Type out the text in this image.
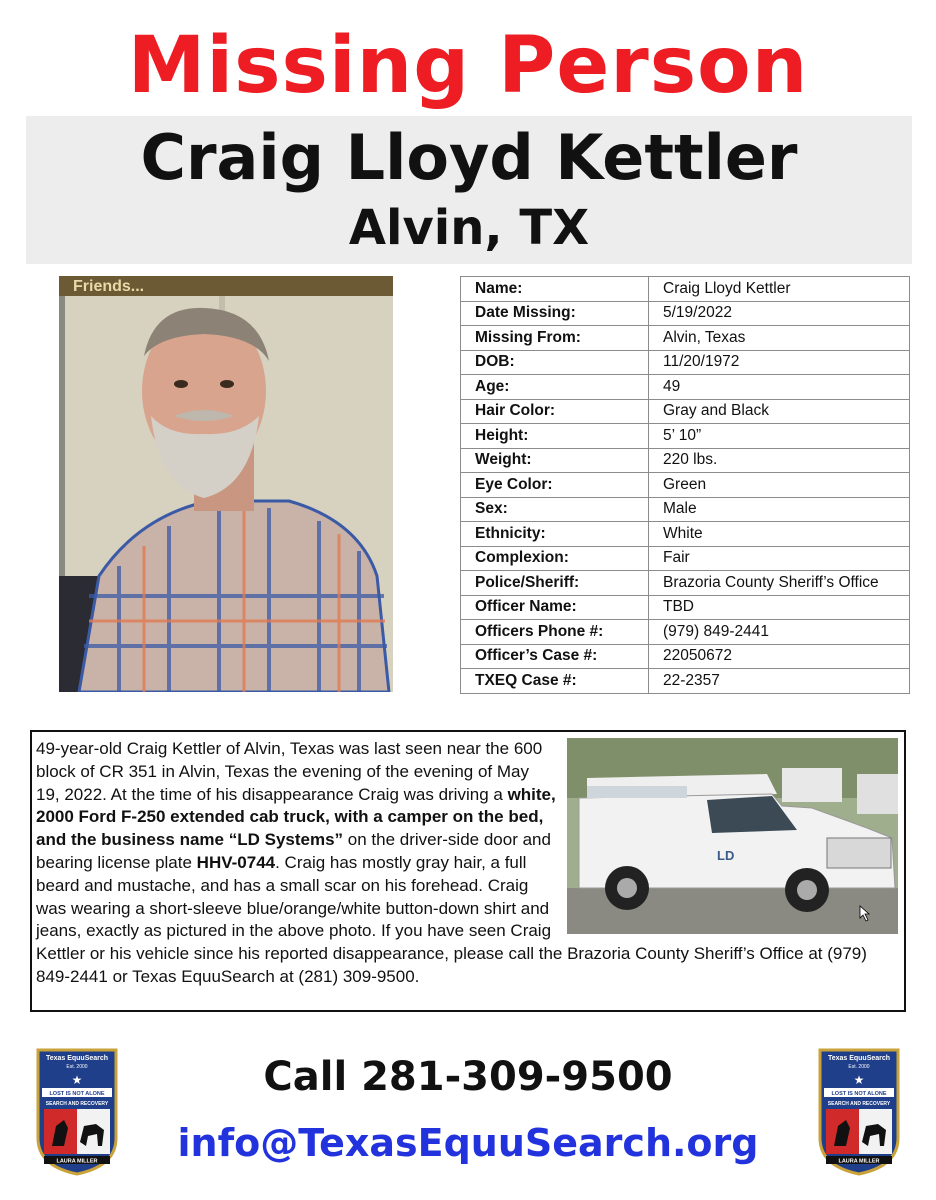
Missing Person
Craig Lloyd Kettler
Alvin, TX
Friends...	Name:	Craig Lloyd Kettler
Date Missing:	5/19/2022
Missing From:	Alvin, Texas
DOB:	11/20/1972
Age:	49
Hair Color:	Gray and Black
Height:	5’ 10”
Weight:	220 lbs.
Eye Color:	Green
Sex:	Male
Ethnicity:	White
Complexion:	Fair
Police/Sheriff:	Brazoria County Sheriff’s Office
Officer Name:	TBD
Officers Phone #:	(979) 849-2441
Officer’s Case #:	22050672
TXEQ Case #:	22-2357
LD
49-year-old Craig Kettler of Alvin, Texas was last seen near the 600 block of CR 351 in Alvin, Texas the evening of the evening of May 19, 2022. At the time of his disappearance Craig was driving a white, 2000 Ford F-250 extended cab truck, with a camper on the bed, and the business name “LD Systems” on the driver-side door and bearing license plate HHV-0744. Craig has mostly gray hair, a full beard and mustache, and has a small scar on his forehead. Craig was wearing a short-sleeve blue/orange/white button-down shirt and jeans, exactly as pictured in the above photo. If you have seen Craig Kettler or his vehicle since his reported disappearance, please call the Brazoria County Sheriff’s Office at (979) 849-2441 or Texas EquuSearch at (281) 309-9500.
Texas EquuSearch
Est. 2000
★
LOST IS NOT ALONE
SEARCH AND RECOVERY
LAURA MILLER
Texas EquuSearch
Est. 2000
★
LOST IS NOT ALONE
SEARCH AND RECOVERY
LAURA MILLER
Call 281-309-9500
info@TexasEquuSearch.org
